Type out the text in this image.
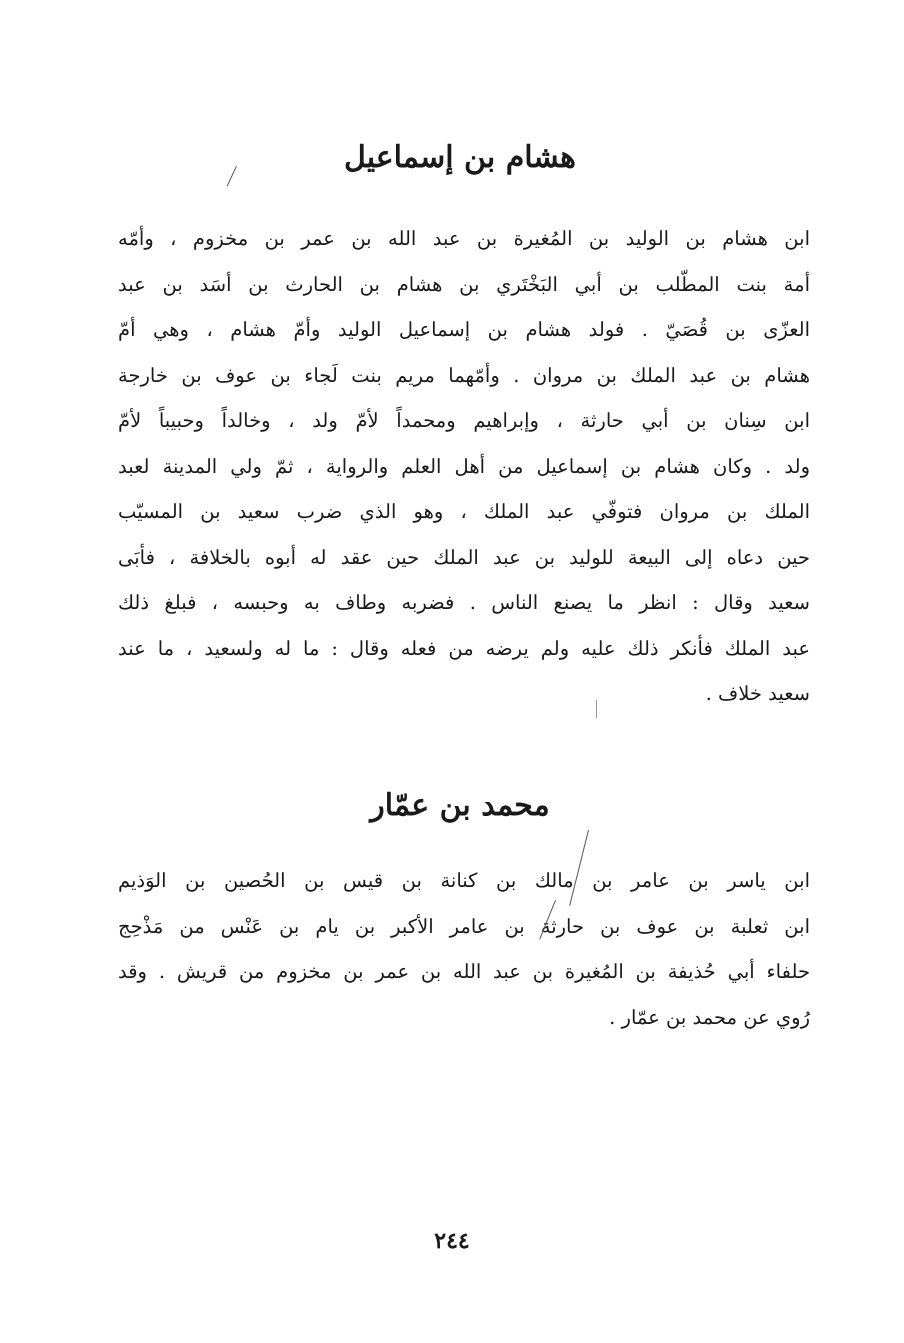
هشام بن إسماعيل
ابن هشام بن الوليد بن المُغيرة بن عبد الله بن عمر بن مخزوم ، وأمّه
أمة بنت المطّلب بن أبي البَخْتَري بن هشام بن الحارث بن أسَد بن عبد
العزّى بن قُصَيّ . فولد هشام بن إسماعيل الوليد وأمّ هشام ، وهي أمّ
هشام بن عبد الملك بن مروان . وأمّهما مريم بنت لَجاء بن عوف بن خارجة
ابن سِنان بن أبي حارثة ، وإبراهيم ومحمداً لأمّ ولد ، وخالداً وحبيباً لأمّ
ولد . وكان هشام بن إسماعيل من أهل العلم والرواية ، ثمّ ولي المدينة لعبد
الملك بن مروان فتوفّي عبد الملك ، وهو الذي ضرب سعيد بن المسيّب
حين دعاه إلى البيعة للوليد بن عبد الملك حين عقد له أبوه بالخلافة ، فأبَى
سعيد وقال : انظر ما يصنع الناس . فضربه وطاف به وحبسه ، فبلغ ذلك
عبد الملك فأنكر ذلك عليه ولم يرضه من فعله وقال : ما له ولسعيد ، ما عند
سعيد خلاف .
محمد بن عمّار
ابن ياسر بن عامر بن مالك بن كنانة بن قيس بن الحُصين بن الوَذيم
ابن ثعلبة بن عوف بن حارثة بن عامر الأكبر بن يام بن عَنْس من مَذْحِج
حلفاء أبي حُذيفة بن المُغيرة بن عبد الله بن عمر بن مخزوم من قريش . وقد
رُوي عن محمد بن عمّار .
٢٤٤
